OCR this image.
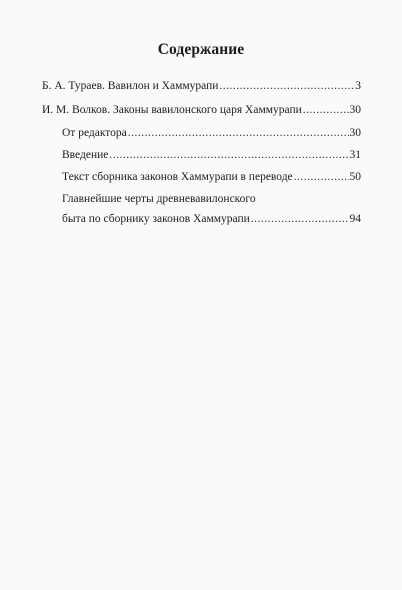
Содержание
Б. А. Тураев. Вавилон и Хаммурапи .....	3
И. М. Волков. Законы вавилонского царя Хаммурапи .....	30
От редактора .....	30
Введение .....	31
Текст сборника законов Хаммурапи в переводе .....	50
Главнейшие черты древневавилонского
быта по сборнику законов Хаммурапи .....	94
